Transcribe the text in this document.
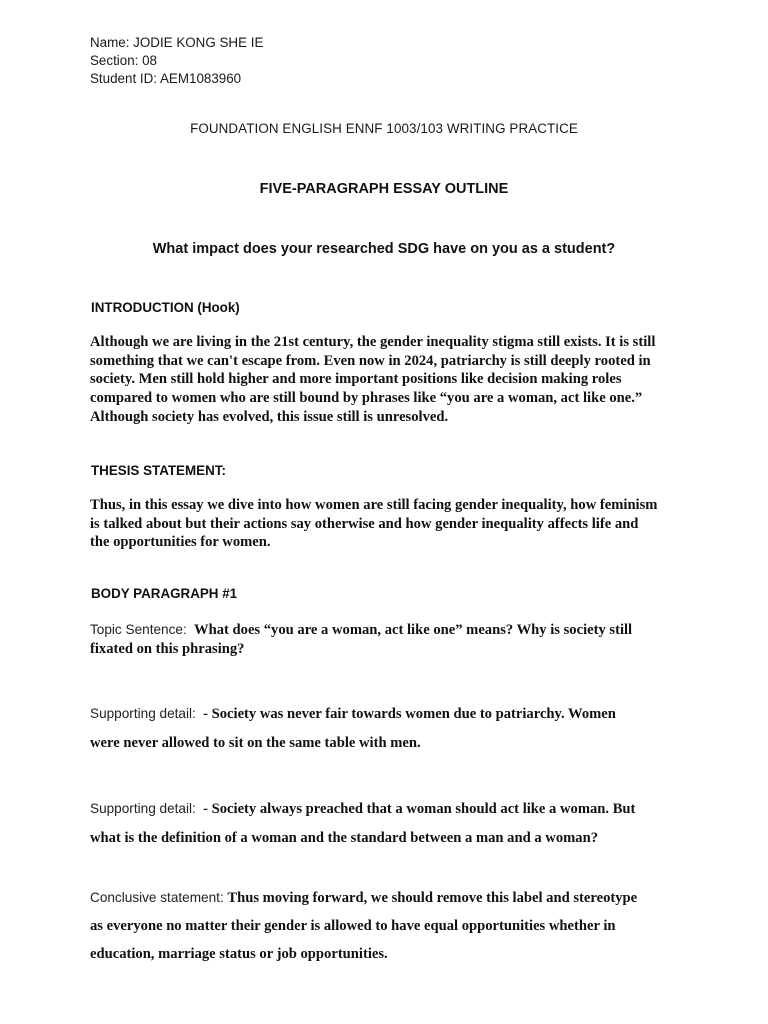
Name: JODIE KONG SHE IE
Section: 08
Student ID: AEM1083960
FOUNDATION ENGLISH ENNF 1003/103 WRITING PRACTICE
FIVE-PARAGRAPH ESSAY OUTLINE
What impact does your researched SDG have on you as a student?
INTRODUCTION (Hook)
Although we are living in the 21st century, the gender inequality stigma still exists. It is still
something that we can't escape from. Even now in 2024, patriarchy is still deeply rooted in
society. Men still hold higher and more important positions like decision making roles
compared to women who are still bound by phrases like “you are a woman, act like one.”
Although society has evolved, this issue still is unresolved.
THESIS STATEMENT:
Thus, in this essay we dive into how women are still facing gender inequality, how feminism
is talked about but their actions say otherwise and how gender inequality affects life and
the opportunities for women.
BODY PARAGRAPH #1
Topic Sentence: What does “you are a woman, act like one” means? Why is society still
fixated on this phrasing?
Supporting detail: - Society was never fair towards women due to patriarchy. Women
were never allowed to sit on the same table with men.
Supporting detail: - Society always preached that a woman should act like a woman. But
what is the definition of a woman and the standard between a man and a woman?
Conclusive statement: Thus moving forward, we should remove this label and stereotype
as everyone no matter their gender is allowed to have equal opportunities whether in
education, marriage status or job opportunities.
